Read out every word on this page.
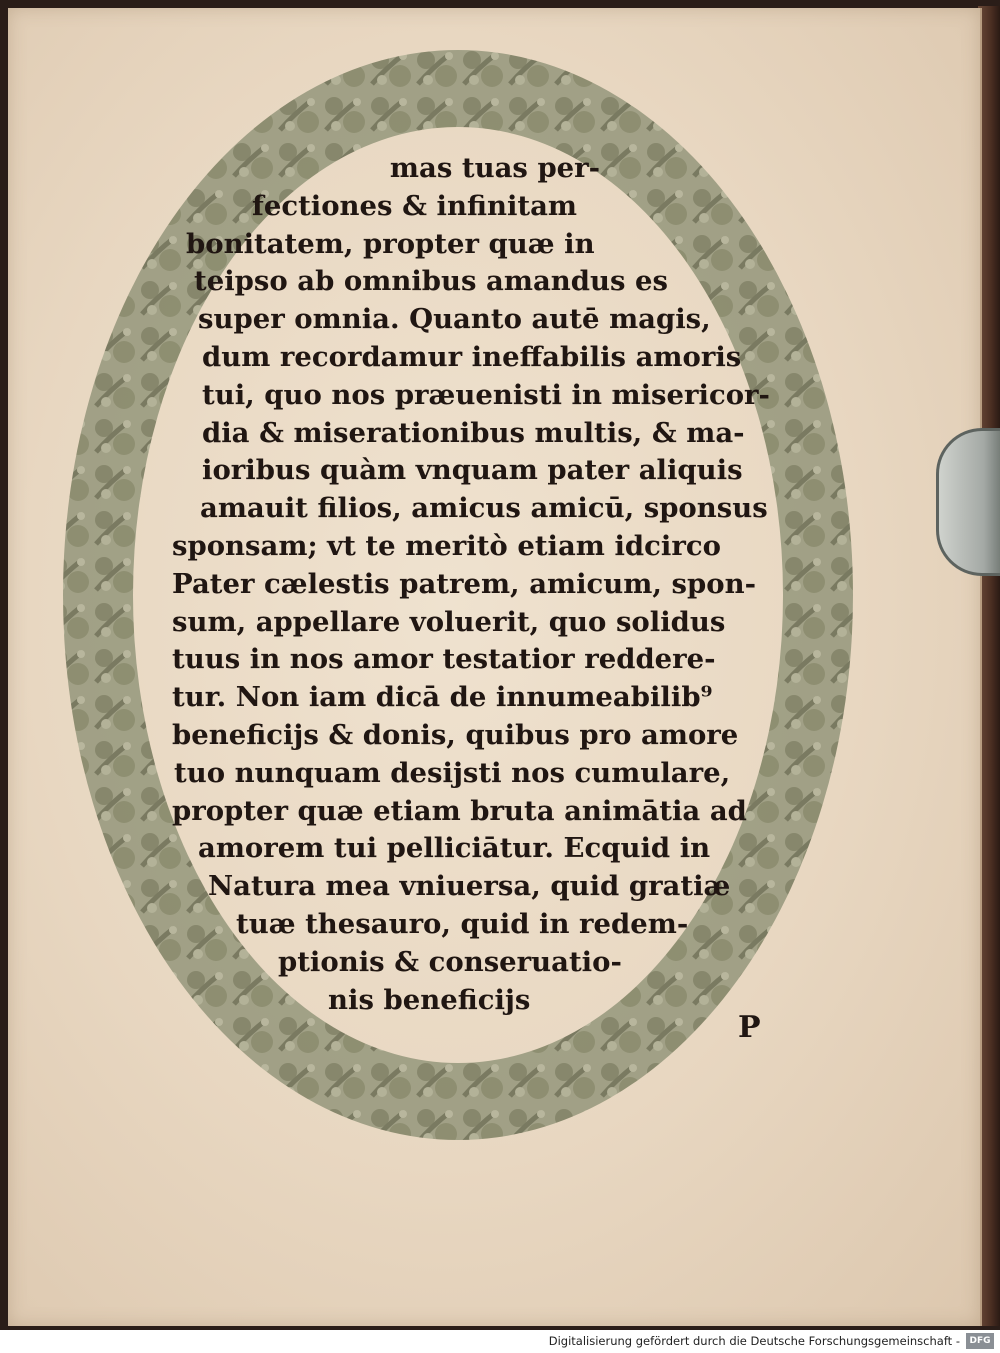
mas tuas per-
fectiones & infinitam
bonitatem, propter quæ in
teipso ab omnibus amandus es
super omnia. Quanto autē magis,
dum recordamur ineffabilis amoris
tui, quo nos præuenisti in misericor-
dia & miserationibus multis, & ma-
ioribus quàm vnquam pater aliquis
amauit filios, amicus amicū, sponsus
sponsam; vt te meritò etiam idcirco
Pater cælestis patrem, amicum, spon-
sum, appellare voluerit, quo solidus
tuus in nos amor testatior reddere-
tur. Non iam dicā de innumeabilib⁹
beneficijs & donis, quibus pro amore
tuo nunquam desijsti nos cumulare,
propter quæ etiam bruta animātia ad
amorem tui pelliciātur. Ecquid in
Natura mea vniuersa, quid gratiæ
tuæ thesauro, quid in redem-
ptionis & conseruatio-
nis beneficijs
P
Digitalisierung gefördert durch die Deutsche Forschungsgemeinschaft -	DFG
